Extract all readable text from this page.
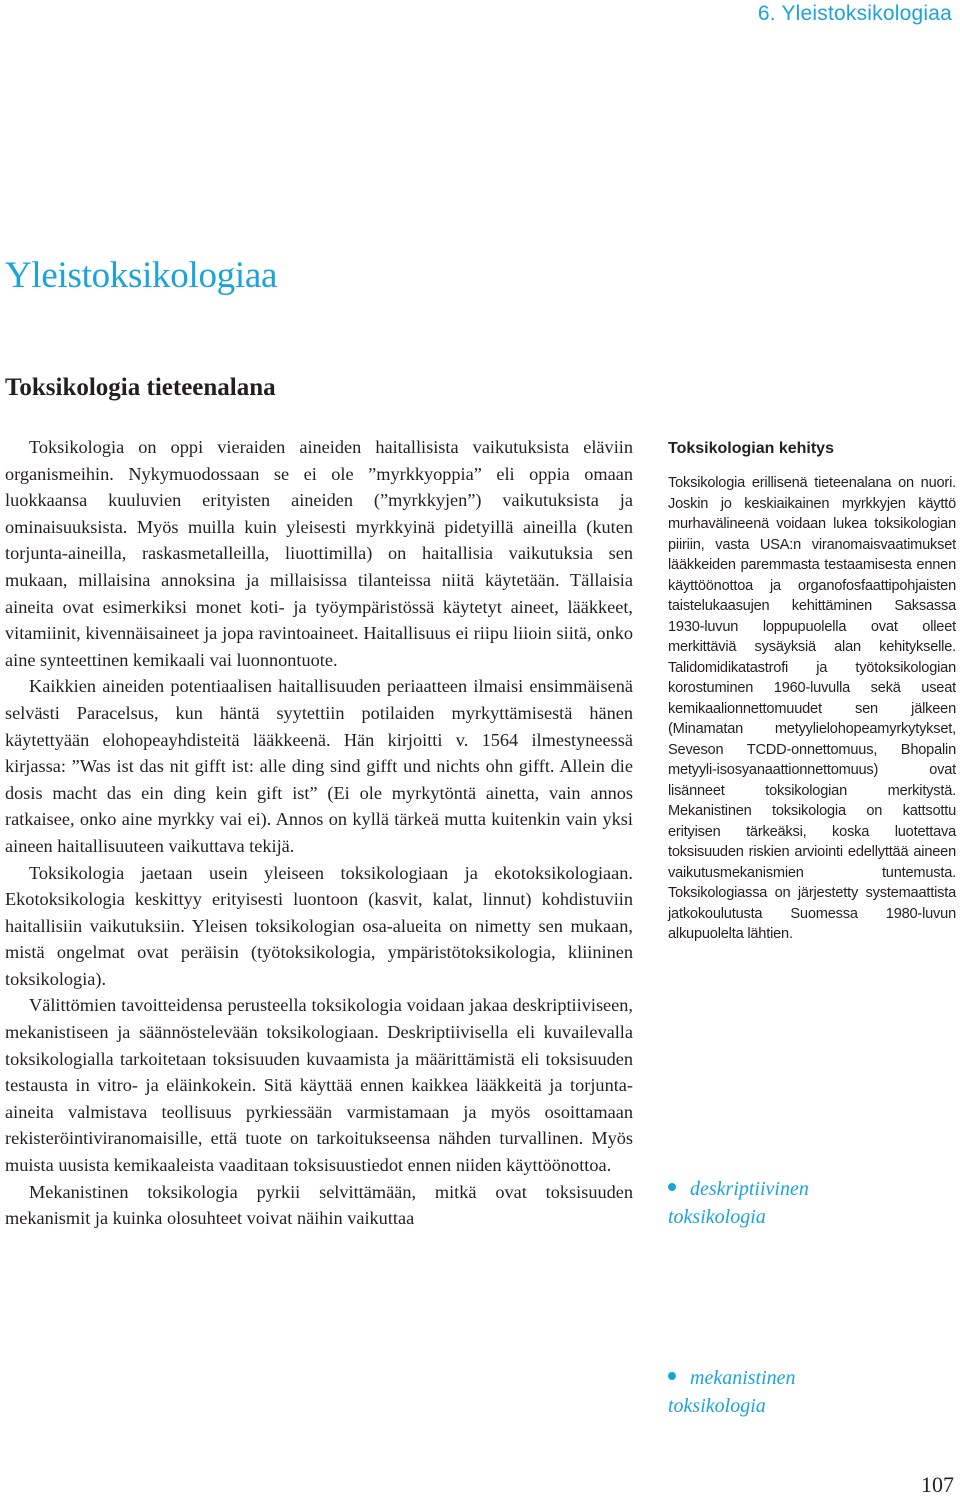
6. Yleistoksikologiaa
Yleistoksikologiaa
Toksikologia tieteenalana

Toksikologia on oppi vieraiden aineiden haitallisista vaikutuksista eläviin organismeihin. Nykymuodossaan se ei ole ”myrkkyoppia” eli oppia omaan luokkaansa kuuluvien erityisten aineiden (”myrkkyjen”) vaikutuksista ja ominaisuuksista. Myös muilla kuin yleisesti myrkkyinä pidetyillä aineilla (kuten torjunta-aineilla, raskasmetalleilla, liuottimilla) on haitallisia vaikutuksia sen mukaan, millaisina annoksina ja millaisissa tilanteissa niitä käytetään. Tällaisia aineita ovat esimerkiksi monet koti- ja työympäristössä käytetyt aineet, lääkkeet, vitamiinit, kivennäisaineet ja jopa ravintoaineet. Haitallisuus ei riipu liioin siitä, onko aine synteettinen kemikaali vai luonnontuote.

Kaikkien aineiden potentiaalisen haitallisuuden periaatteen ilmaisi ensimmäisenä selvästi Paracelsus, kun häntä syytettiin potilaiden myrkyttämisestä hänen käytettyään elohopeayhdisteitä lääkkeenä. Hän kirjoitti v. 1564 ilmestyneessä kirjassa: ”Was ist das nit gifft ist: alle ding sind gifft und nichts ohn gifft. Allein die dosis macht das ein ding kein gift ist” (Ei ole myrkytöntä ainetta, vain annos ratkaisee, onko aine myrkky vai ei). Annos on kyllä tärkeä mutta kuitenkin vain yksi aineen haitallisuuteen vaikuttava tekijä.

Toksikologia jaetaan usein yleiseen toksikologiaan ja ekotoksikologiaan. Ekotoksikologia keskittyy erityisesti luontoon (kasvit, kalat, linnut) kohdistuviin haitallisiin vaikutuksiin. Yleisen toksikologian osa-alueita on nimetty sen mukaan, mistä ongelmat ovat peräisin (työtoksikologia, ympäristötoksikologia, kliininen toksikologia).

Välittömien tavoitteidensa perusteella toksikologia voidaan jakaa deskriptiiviseen, mekanistiseen ja säännöstelevään toksikologiaan. Deskriptiivisella eli kuvailevalla toksikologialla tarkoitetaan toksisuuden kuvaamista ja määrittämistä eli toksisuuden testausta in vitro- ja eläinkokein. Sitä käyttää ennen kaikkea lääkkeitä ja torjunta-aineita valmistava teollisuus pyrkiessään varmistamaan ja myös osoittamaan rekisteröintiviranomaisille, että tuote on tarkoitukseensa nähden turvallinen. Myös muista uusista kemikaaleista vaaditaan toksisuustiedot ennen niiden käyttöönottoa.

Mekanistinen toksikologia pyrkii selvittämään, mitkä ovat toksisuuden mekanismit ja kuinka olosuhteet voivat näihin vaikuttaa

Toksikologian kehitys

Toksikologia erillisenä tieteenalana on nuori. Joskin jo keskiaikainen myrkkyjen käyttö murhavälineenä voidaan lukea toksikologian piiriin, vasta USA:n viranomaisvaatimukset lääkkeiden paremmasta testaamisesta ennen käyttöönottoa ja organofosfaattipohjaisten taistelukaasujen kehittäminen Saksassa 1930-luvun loppupuolella ovat olleet merkittäviä sysäyksiä alan kehitykselle. Talidomidikatastrofi ja työtoksikologian korostuminen 1960-luvulla sekä useat kemikaalionnettomuudet sen jälkeen (Minamatan metyylielohopeamyrkytykset, Seveson TCDD-onnettomuus, Bhopalin metyyli-isosyanaattionnettomuus) ovat lisänneet toksikologian merkitystä. Mekanistinen toksikologia on kattsottu erityisen tärkeäksi, koska luotettava toksisuuden riskien arviointi edellyttää aineen vaikutusmekanismien tuntemusta. Toksikologiassa on järjestetty systemaattista jatkokoulutusta Suomessa 1980-luvun alkupuolelta lähtien.

deskriptiivinen
toksikologia
mekanistinen
toksikologia
107
